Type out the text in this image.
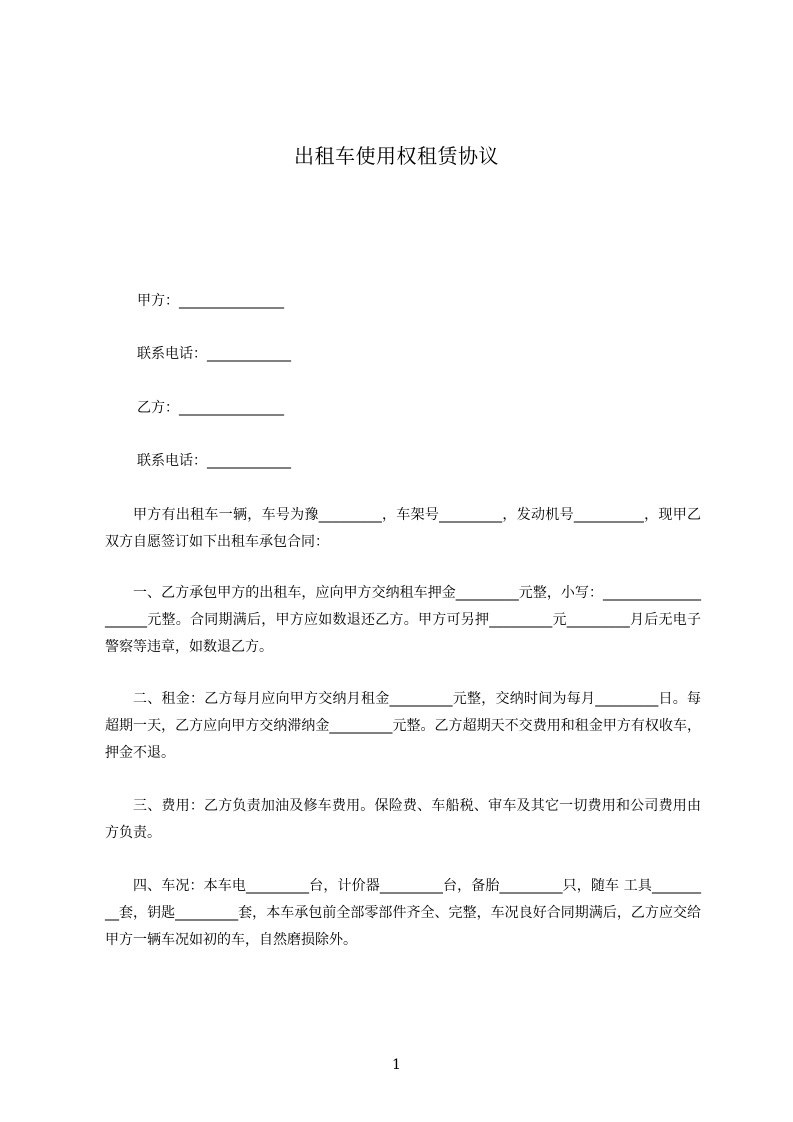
出租车使用权租赁协议
甲方：_______________
联系电话：____________
乙方：_______________
联系电话：____________

甲方有出租车一辆，车号为豫_________，车架号_________，发动机号__________，现甲乙双方自愿签订如下出租车承包合同：

一、乙方承包甲方的出租车，应向甲方交纳租车押金_________元整，小写：____________________元整。合同期满后，甲方应如数退还乙方。甲方可另押_________元_________月后无电子警察等违章，如数退乙方。

二、租金：乙方每月应向甲方交纳月租金_________元整，交纳时间为每月_________日。每超期一天，乙方应向甲方交纳滞纳金_________元整。乙方超期天不交费用和租金甲方有权收车，押金不退。

三、费用：乙方负责加油及修车费用。保险费、车船税、审车及其它一切费用和公司费用由方负责。

四、车况：本车电_________台，计价器_________台，备胎_________只，随车 工具_________套，钥匙_________套，本车承包前全部零部件齐全、完整，车况良好合同期满后，乙方应交给甲方一辆车况如初的车，自然磨损除外。

1
